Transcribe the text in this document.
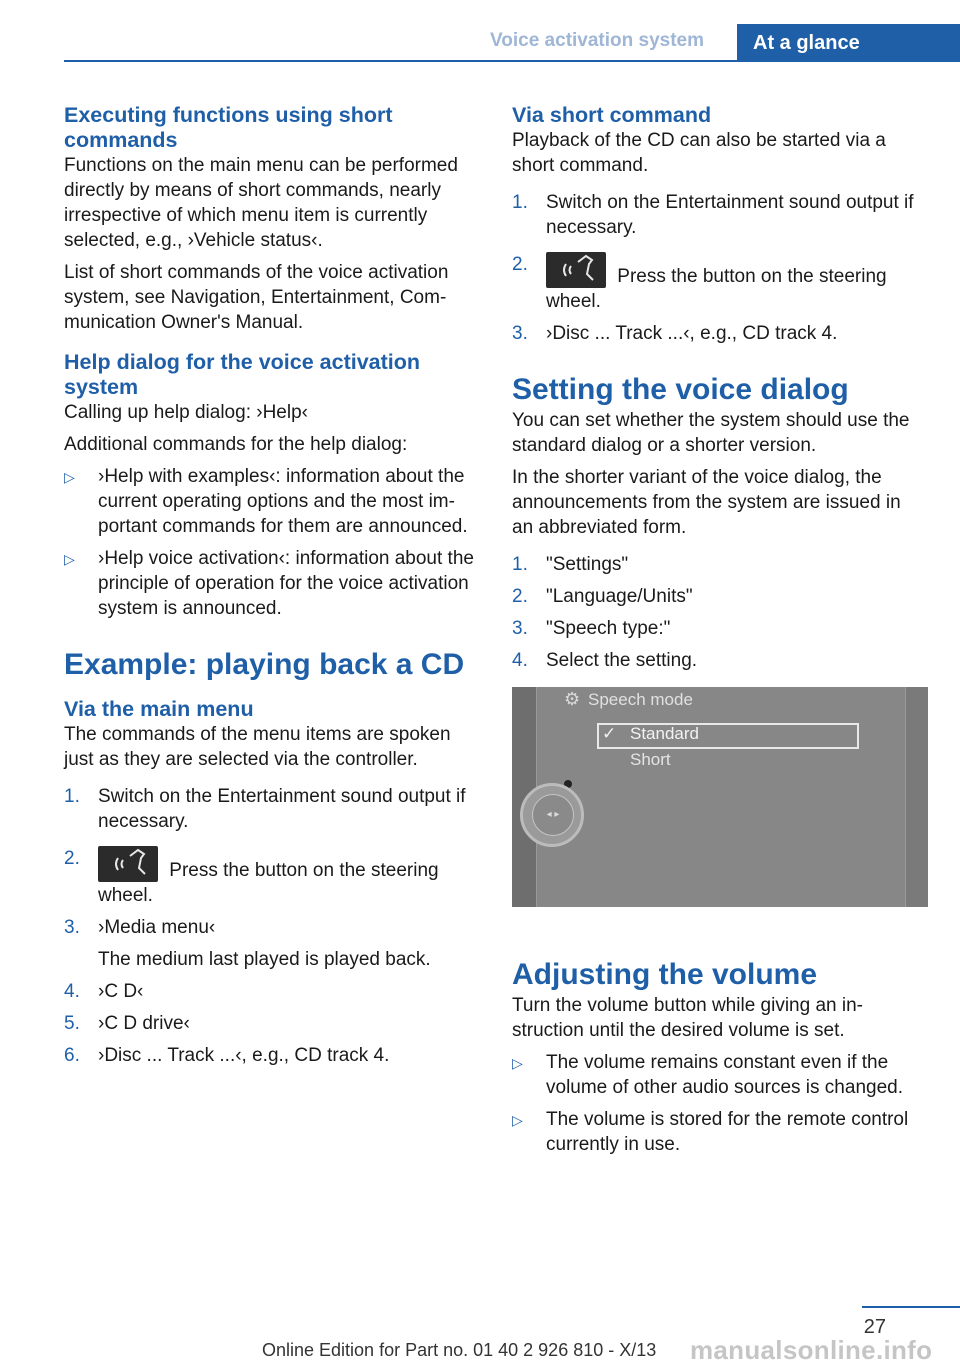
Voice activation system	At a glance
Executing functions using short commands

Functions on the main menu can be performed directly by means of short commands, nearly irrespective of which menu item is currently selected, e.g., ›Vehicle status‹.

List of short commands of the voice activation system, see Navigation, Entertainment, Communication Owner's Manual.

Help dialog for the voice activation system

Calling up help dialog: ›Help‹

Additional commands for the help dialog:

▷ ›Help with examples‹: information about the current operating options and the most important commands for them are announced.
▷ ›Help voice activation‹: information about the principle of operation for the voice activation system is announced.
Example: playing back a CD
Via the main menu

The commands of the menu items are spoken just as they are selected via the controller.

1. Switch on the Entertainment sound output if necessary.
2.
Press the button on the steering wheel.
3. ›Media menu‹
The medium last played is played back.
4. ›C D‹
5. ›C D drive‹
6. ›Disc ... Track ...‹, e.g., CD track 4.
Via short command

Playback of the CD can also be started via a short command.

1. Switch on the Entertainment sound output if necessary.
2.
Press the button on the steering wheel.
3. ›Disc ... Track ...‹, e.g., CD track 4.
Setting the voice dialog

You can set whether the system should use the standard dialog or a shorter version.

In the shorter variant of the voice dialog, the announcements from the system are issued in an abbreviated form.

1. "Settings"
2. "Language/Units"
3. "Speech type:"
4. Select the setting.
⚙ Speech mode
✓ Standard
Short
◂ ▸
Adjusting the volume

Turn the volume button while giving an instruction until the desired volume is set.

▷ The volume remains constant even if the volume of other audio sources is changed.
▷ The volume is stored for the remote control currently in use.
27
Online Edition for Part no. 01 40 2 926 810 - X/13 manualsonline.info
